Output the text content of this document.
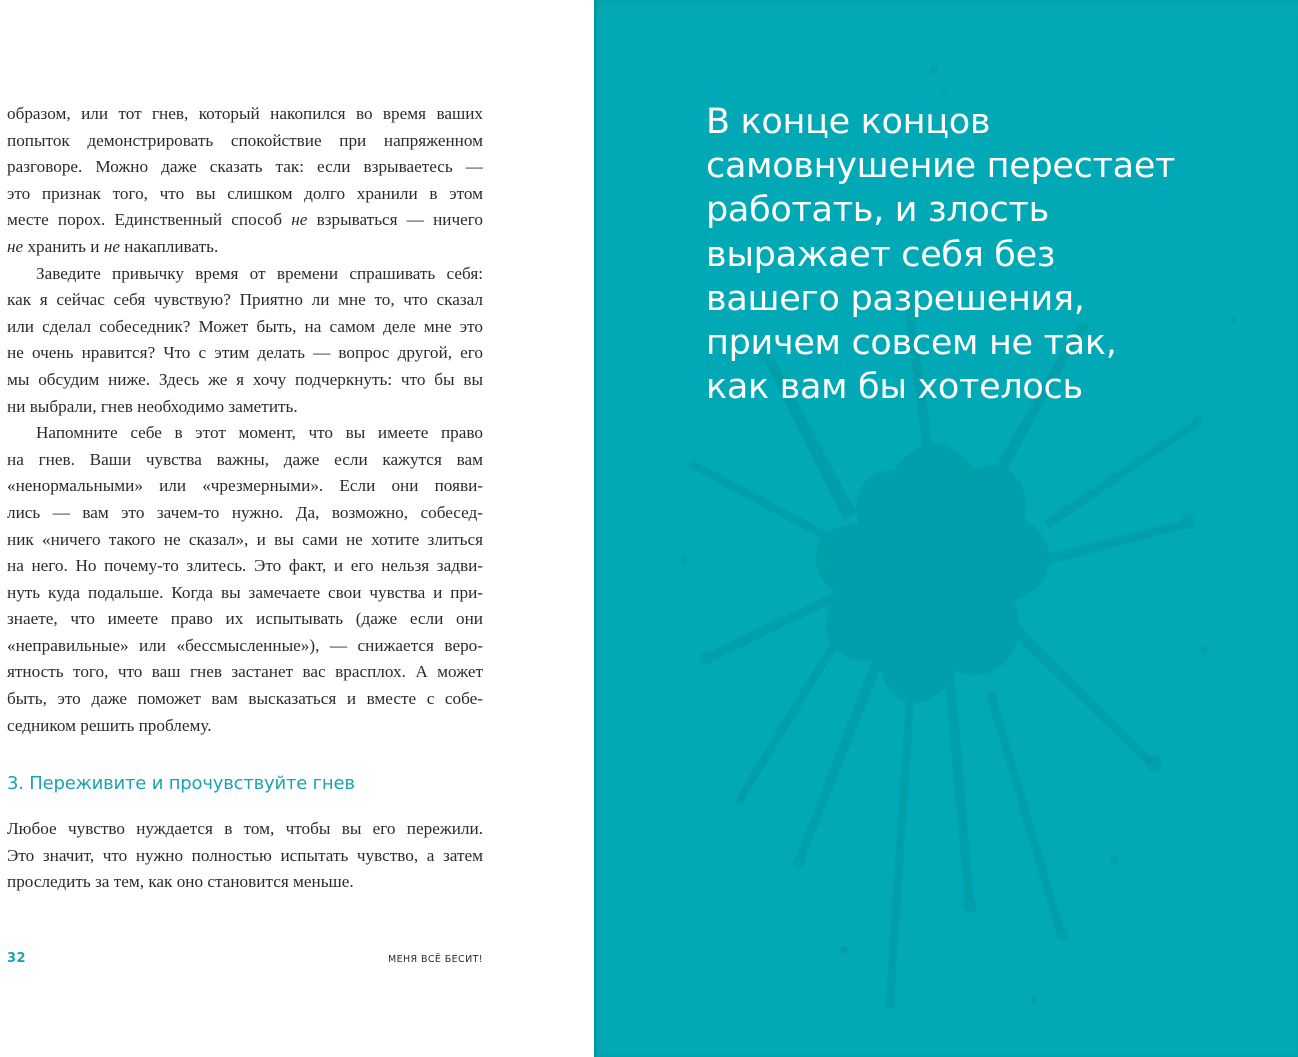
образом, или тот гнев, который накопился во время ваших
попыток демонстрировать спокойствие при напряженном
разговоре. Можно даже сказать так: если взрываетесь —
это признак того, что вы слишком долго хранили в этом
месте порох. Единственный способ не взрываться — ничего
не хранить и не накапливать.
Заведите привычку время от времени спрашивать себя:
как я сейчас себя чувствую? Приятно ли мне то, что сказал
или сделал собеседник? Может быть, на самом деле мне это
не очень нравится? Что с этим делать — вопрос другой, его
мы обсудим ниже. Здесь же я хочу подчеркнуть: что бы вы
ни выбрали, гнев необходимо заметить.
Напомните себе в этот момент, что вы имеете право
на гнев. Ваши чувства важны, даже если кажутся вам
«ненормальными» или «чрезмерными». Если они появи-
лись — вам это зачем-то нужно. Да, возможно, собесед-
ник «ничего такого не сказал», и вы сами не хотите злиться
на него. Но почему-то злитесь. Это факт, и его нельзя задви-
нуть куда подальше. Когда вы замечаете свои чувства и при-
знаете, что имеете право их испытывать (даже если они
«неправильные» или «бессмысленные»), — снижается веро-
ятность того, что ваш гнев застанет вас врасплох. А может
быть, это даже поможет вам высказаться и вместе с собе-
седником решить проблему.
3. Переживите и прочувствуйте гнев
Любое чувство нуждается в том, чтобы вы его пережили.
Это значит, что нужно полностью испытать чувство, а затем
проследить за тем, как оно становится меньше.
32	МЕНЯ ВСЁ БЕСИТ!
В конце концов
самовнушение перестает
работать, и злость
выражает себя без
вашего разрешения,
причем совсем не так,
как вам бы хотелось
